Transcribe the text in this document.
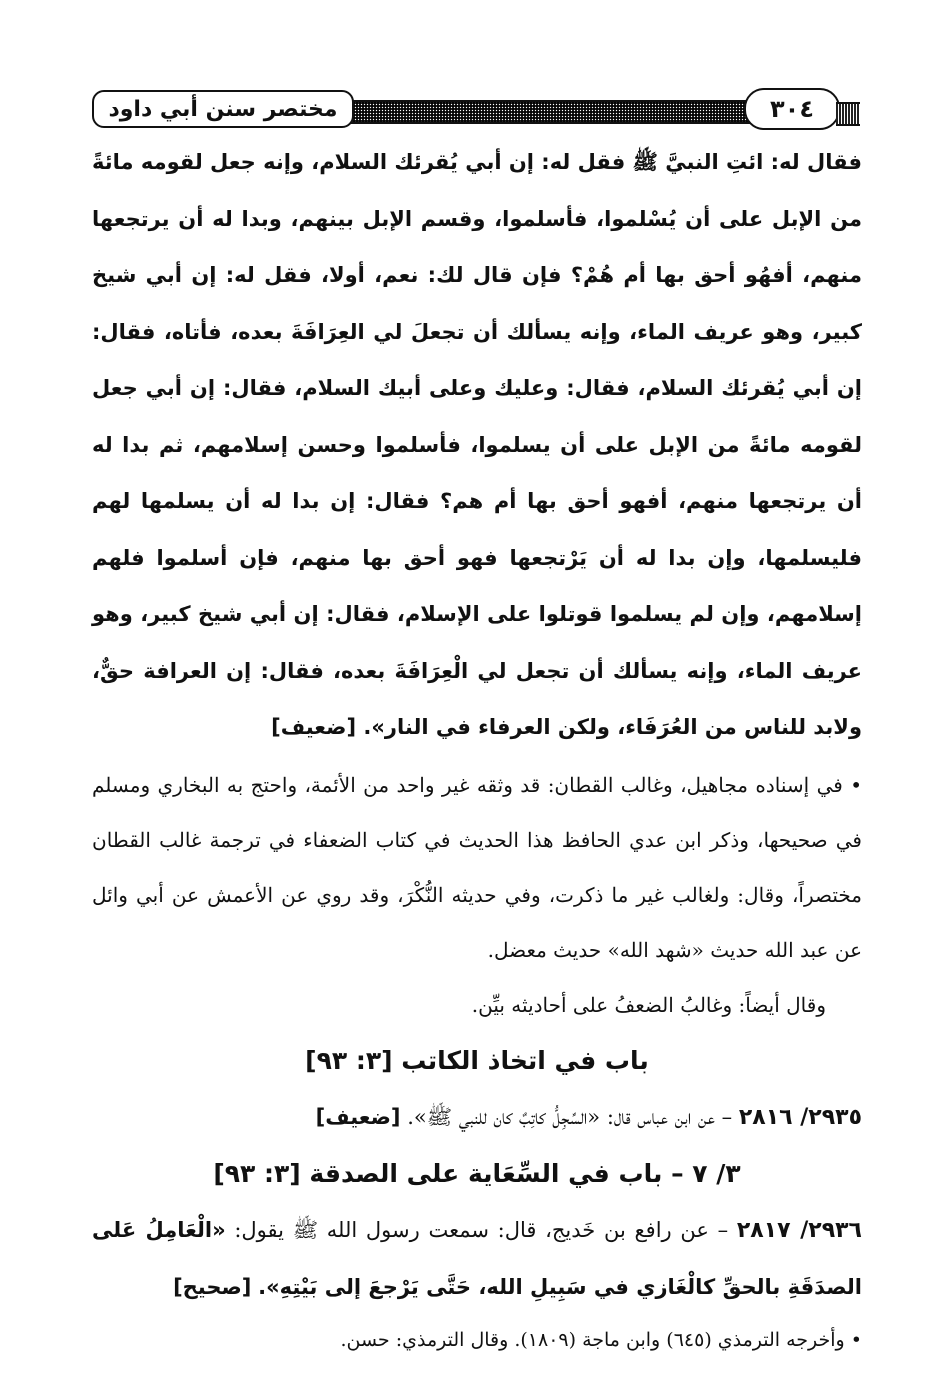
مختصر سنن أبي داود	٣٠٤

فقال له: ائتِ النبيَّ ﷺ فقل له: إن أبي يُقرئك السلام، وإنه جعل لقومه مائةً من الإبل على أن يُسْلموا، فأسلموا، وقسم الإبل بينهم، وبدا له أن يرتجعها منهم، أفهُو أحق بها أم هُمْ؟ فإن قال لك: نعم، أولا، فقل له: إن أبي شيخ كبير، وهو عريف الماء، وإنه يسألك أن تجعلَ لي العِرَافَةَ بعده، فأتاه، فقال: إن أبي يُقرئك السلام، فقال: وعليك وعلى أبيك السلام، فقال: إن أبي جعل لقومه مائةً من الإبل على أن يسلموا، فأسلموا وحسن إسلامهم، ثم بدا له أن يرتجعها منهم، أفهو أحق بها أم هم؟ فقال: إن بدا له أن يسلمها لهم فليسلمها، وإن بدا له أن يَرْتجعها فهو أحق بها منهم، فإن أسلموا فلهم إسلامهم، وإن لم يسلموا قوتلوا على الإسلام، فقال: إن أبي شيخ كبير، وهو عريف الماء، وإنه يسألك أن تجعل لي الْعِرَافَةَ بعده، فقال: إن العرافة حقٌّ، ولابد للناس من العُرَفَاء، ولكن العرفاء في النار». [ضعيف]

• في إسناده مجاهيل، وغالب القطان: قد وثقه غير واحد من الأئمة، واحتج به البخاري ومسلم في صحيحها، وذكر ابن عدي الحافظ هذا الحديث في كتاب الضعفاء في ترجمة غالب القطان مختصراً، وقال: ولغالب غير ما ذكرت، وفي حديثه النُّكْرَ، وقد روي عن الأعمش عن أبي وائل عن عبد الله حديث «شهد الله» حديث معضل.

وقال أيضاً: وغالبُ الضعفُ على أحاديثه بيِّن.

باب في اتخاذ الكاتب [٣: ٩٣]

٢٩٣٥/ ٢٨١٦ – عن ابن عباس قال: «السِّجِلُّ كاتِبٌ كان للنبي ﷺ». [ضعيف]

٣/ ٧ – باب في السِّعَاية على الصدقة [٣: ٩٣]

٢٩٣٦/ ٢٨١٧ – عن رافع بن خَديج، قال: سمعت رسول الله ﷺ يقول: «الْعَامِلُ عَلى الصدَقَةِ بالحقِّ كالْغَازي في سَبِيلِ الله، حَتَّى يَرْجعَ إلى بَيْتِهِ». [صحيح]

• وأخرجه الترمذي (٦٤٥) وابن ماجة (١٨٠٩). وقال الترمذي: حسن.
